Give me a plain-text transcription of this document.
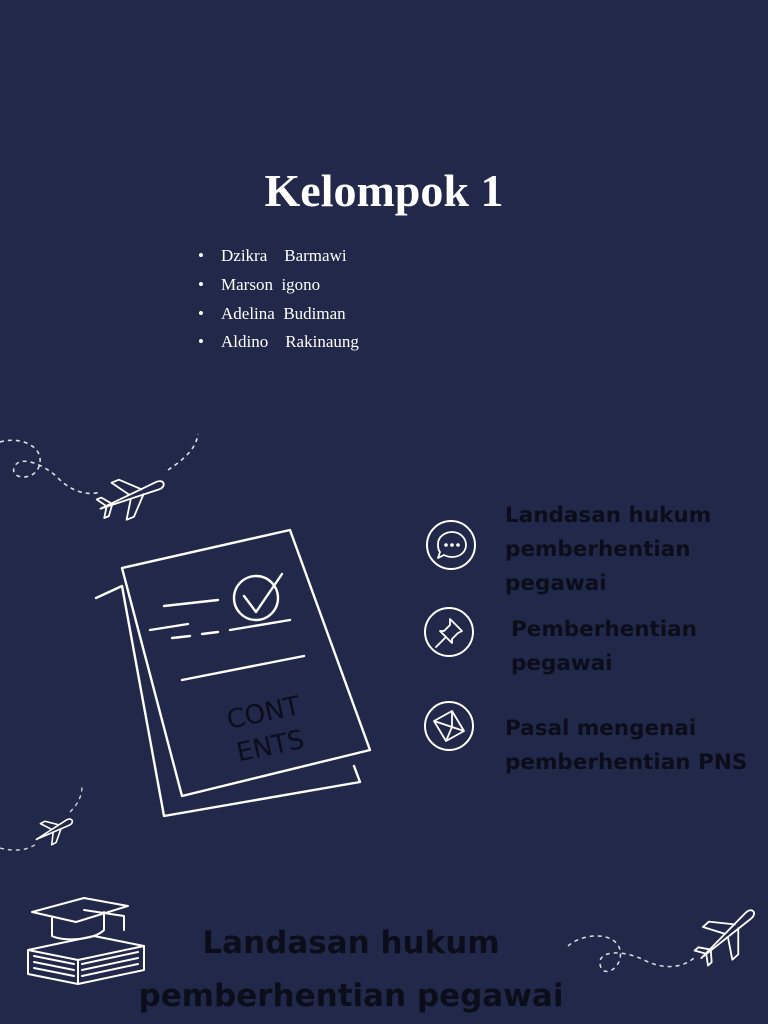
Kelompok 1
• Dzikra    Barmawi
• Marson  igono
• Adelina  Budiman
• Aldino    Rakinaung
CONT
ENTS
Landasan hukum
pemberhentian
pegawai
Pemberhentian
pegawai
Pasal mengenai
pemberhentian PNS
Landasan hukum
pemberhentian pegawai
